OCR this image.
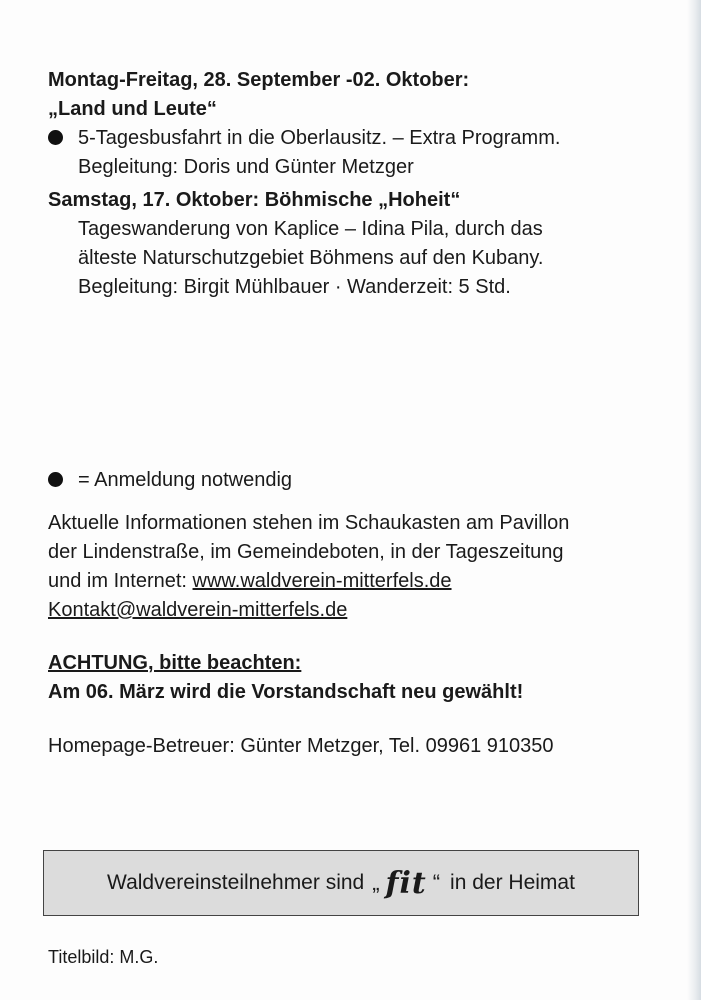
Montag-Freitag, 28. September -02. Oktober:
„Land und Leute“
5-Tagesbusfahrt in die Oberlausitz. – Extra Programm.
Begleitung: Doris und Günter Metzger
Samstag, 17. Oktober: Böhmische „Hoheit“
Tageswanderung von Kaplice – Idina Pila, durch das
älteste Naturschutzgebiet Böhmens auf den Kubany.
Begleitung: Birgit Mühlbauer · Wanderzeit: 5 Std.
= Anmeldung notwendig
Aktuelle Informationen stehen im Schaukasten am Pavillon
der Lindenstraße, im Gemeindeboten, in der Tageszeitung
und im Internet: www.waldverein-mitterfels.de
Kontakt@waldverein-mitterfels.de
ACHTUNG, bitte beachten:
Am 06. März wird die Vorstandschaft neu gewählt!
Homepage-Betreuer: Günter Metzger, Tel. 09961 910350
Waldvereinsteilnehmer sind „ fit “ in der Heimat
Titelbild: M.G.
